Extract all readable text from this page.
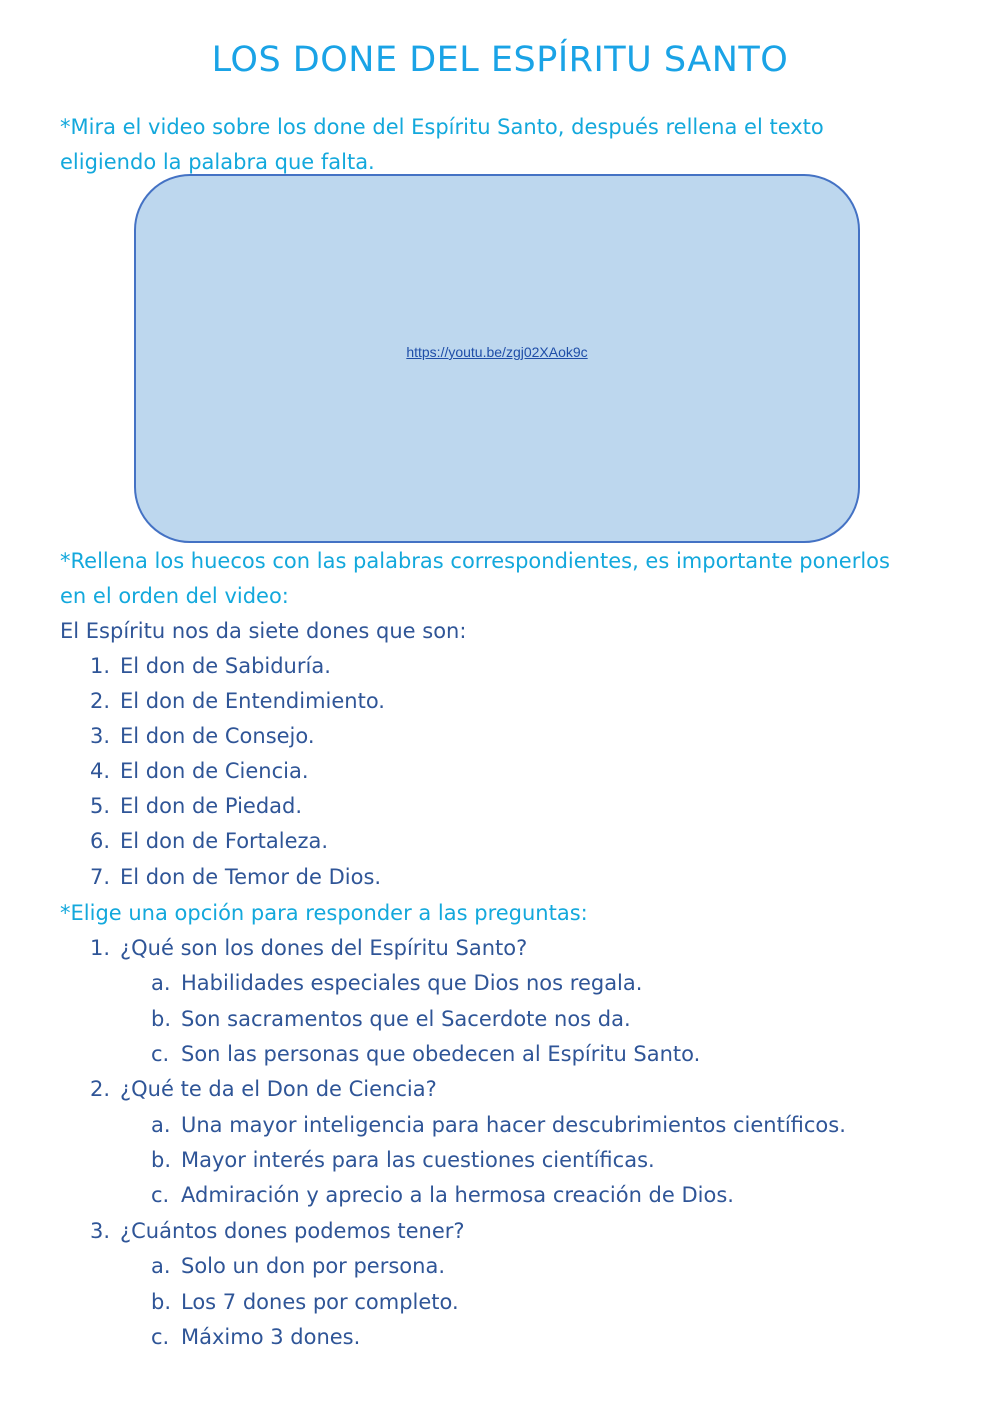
LOS DONE DEL ESPÍRITU SANTO
*Mira el video sobre los done del Espíritu Santo, después rellena el texto
eligiendo la palabra que falta.
https://youtu.be/zgj02XAok9c
*Rellena los huecos con las palabras correspondientes, es importante ponerlos
en el orden del video:
El Espíritu nos da siete dones que son:
1. El don de Sabiduría.
2. El don de Entendimiento.
3. El don de Consejo.
4. El don de Ciencia.
5. El don de Piedad.
6. El don de Fortaleza.
7. El don de Temor de Dios.
*Elige una opción para responder a las preguntas:
1. ¿Qué son los dones del Espíritu Santo?
a. Habilidades especiales que Dios nos regala.
b. Son sacramentos que el Sacerdote nos da.
c. Son las personas que obedecen al Espíritu Santo.
2. ¿Qué te da el Don de Ciencia?
a. Una mayor inteligencia para hacer descubrimientos científicos.
b. Mayor interés para las cuestiones científicas.
c. Admiración y aprecio a la hermosa creación de Dios.
3. ¿Cuántos dones podemos tener?
a. Solo un don por persona.
b. Los 7 dones por completo.
c. Máximo 3 dones.
